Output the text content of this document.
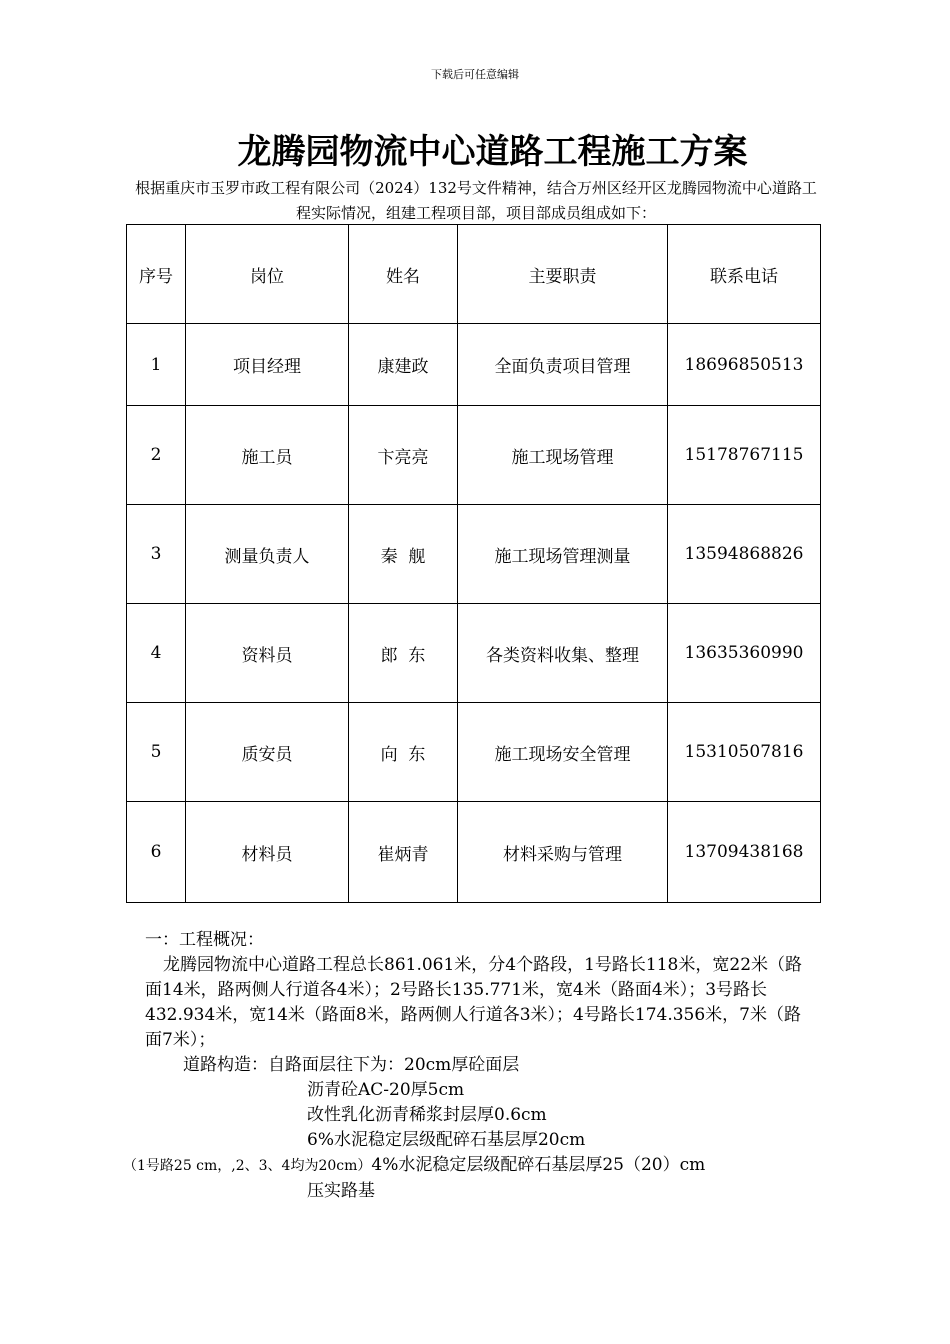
下载后可任意编辑
龙腾园物流中心道路工程施工方案
根据重庆市玉罗市政工程有限公司（2024）132号文件精神，结合万州区经开区龙腾园物流中心道路工程实际情况，组建工程项目部，项目部成员组成如下：
序号	岗位	姓名	主要职责	联系电话
1	项目经理	康建政	全面负责项目管理	18696850513
2	施工员	卞亮亮	施工现场管理	15178767115
3	测量负责人	秦  舰	施工现场管理测量	13594868826
4	资料员	郎  东	各类资料收集、整理	13635360990
5	质安员	向  东	施工现场安全管理	15310507816
6	材料员	崔炳青	材料采购与管理	13709438168

一：工程概况：

龙腾园物流中心道路工程总长861.061米，分4个路段，1号路长118米，宽22米（路面14米，路两侧人行道各4米）；2号路长135.771米，宽4米（路面4米）；3号路长432.934米，宽14米（路面8米，路两侧人行道各3米）；4号路长174.356米，7米（路面7米）；

道路构造：自路面层往下为：20cm厚砼面层

沥青砼AC-20厚5cm

改性乳化沥青稀浆封层厚0.6cm

6%水泥稳定层级配碎石基层厚20cm

（1号路25 cm，,2、3、4均为20cm）4%水泥稳定层级配碎石基层厚25（20）cm

压实路基
